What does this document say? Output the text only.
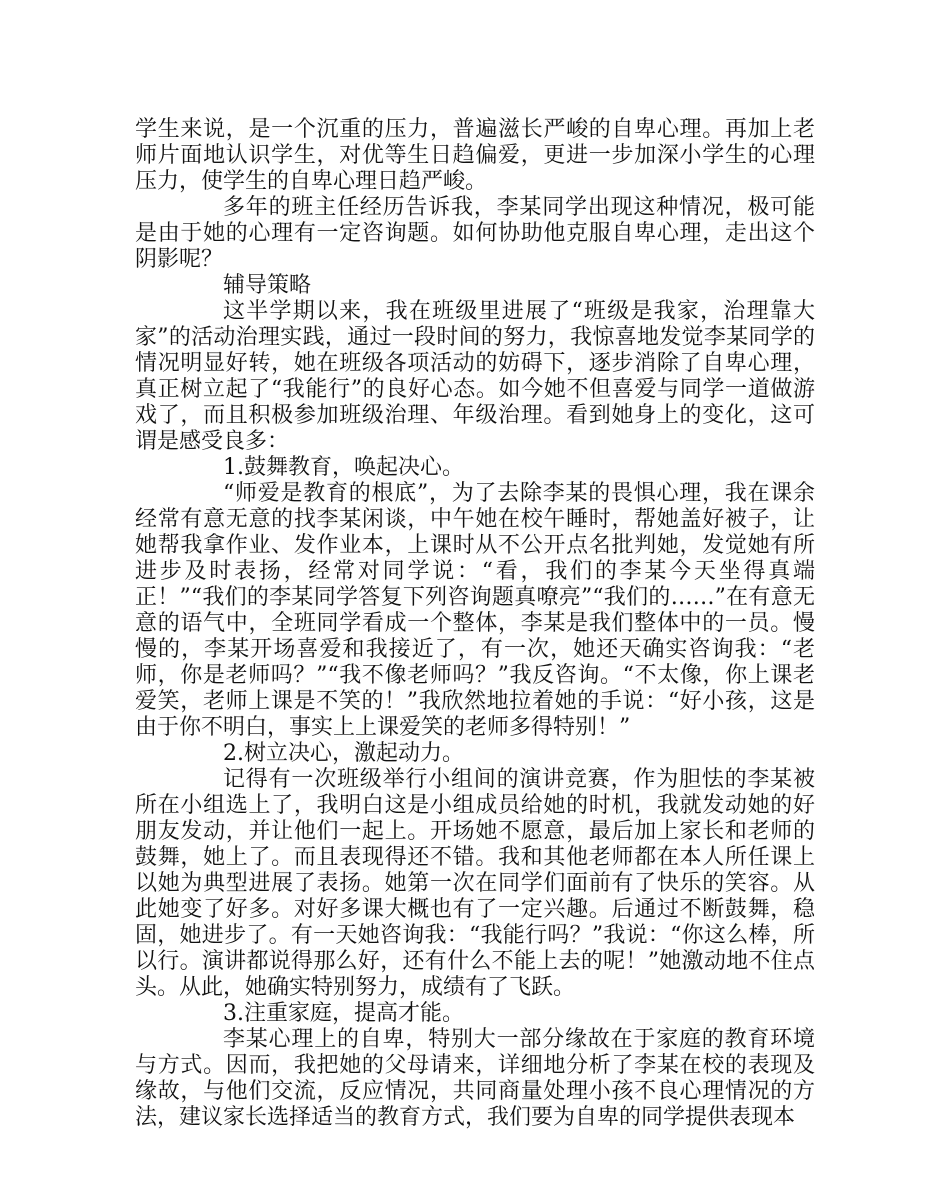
学生来说，是一个沉重的压力，普遍滋长严峻的自卑心理。再加上老师片面地认识学生，对优等生日趋偏爱，更进一步加深小学生的心理压力，使学生的自卑心理日趋严峻。

多年的班主任经历告诉我，李某同学出现这种情况，极可能是由于她的心理有一定咨询题。如何协助他克服自卑心理，走出这个阴影呢？

辅导策略

这半学期以来，我在班级里进展了“班级是我家，治理靠大家”的活动治理实践，通过一段时间的努力，我惊喜地发觉李某同学的情况明显好转，她在班级各项活动的妨碍下，逐步消除了自卑心理，真正树立起了“我能行”的良好心态。如今她不但喜爱与同学一道做游戏了，而且积极参加班级治理、年级治理。看到她身上的变化，这可谓是感受良多：

1.鼓舞教育，唤起决心。

“师爱是教育的根底”，为了去除李某的畏惧心理，我在课余经常有意无意的找李某闲谈，中午她在校午睡时，帮她盖好被子，让她帮我拿作业、发作业本，上课时从不公开点名批判她，发觉她有所进步及时表扬，经常对同学说：“看，我们的李某今天坐得真端正！”“我们的李某同学答复下列咨询题真嘹亮”“我们的……”在有意无意的语气中，全班同学看成一个整体，李某是我们整体中的一员。慢慢的，李某开场喜爱和我接近了，有一次，她还天确实咨询我：“老师，你是老师吗？”“我不像老师吗？”我反咨询。“不太像，你上课老爱笑，老师上课是不笑的！”我欣然地拉着她的手说：“好小孩，这是由于你不明白，事实上上课爱笑的老师多得特别！”

2.树立决心，激起动力。

记得有一次班级举行小组间的演讲竞赛，作为胆怯的李某被所在小组选上了，我明白这是小组成员给她的时机，我就发动她的好朋友发动，并让他们一起上。开场她不愿意，最后加上家长和老师的鼓舞，她上了。而且表现得还不错。我和其他老师都在本人所任课上以她为典型进展了表扬。她第一次在同学们面前有了快乐的笑容。从此她变了好多。对好多课大概也有了一定兴趣。后通过不断鼓舞，稳固，她进步了。有一天她咨询我：“我能行吗？”我说：“你这么棒，所以行。演讲都说得那么好，还有什么不能上去的呢！”她激动地不住点头。从此，她确实特别努力，成绩有了飞跃。

3.注重家庭，提高才能。

李某心理上的自卑，特别大一部分缘故在于家庭的教育环境与方式。因而，我把她的父母请来，详细地分析了李某在校的表现及缘故，与他们交流，反应情况，共同商量处理小孩不良心理情况的方法，建议家长选择适当的教育方式，我们要为自卑的同学提供表现本
